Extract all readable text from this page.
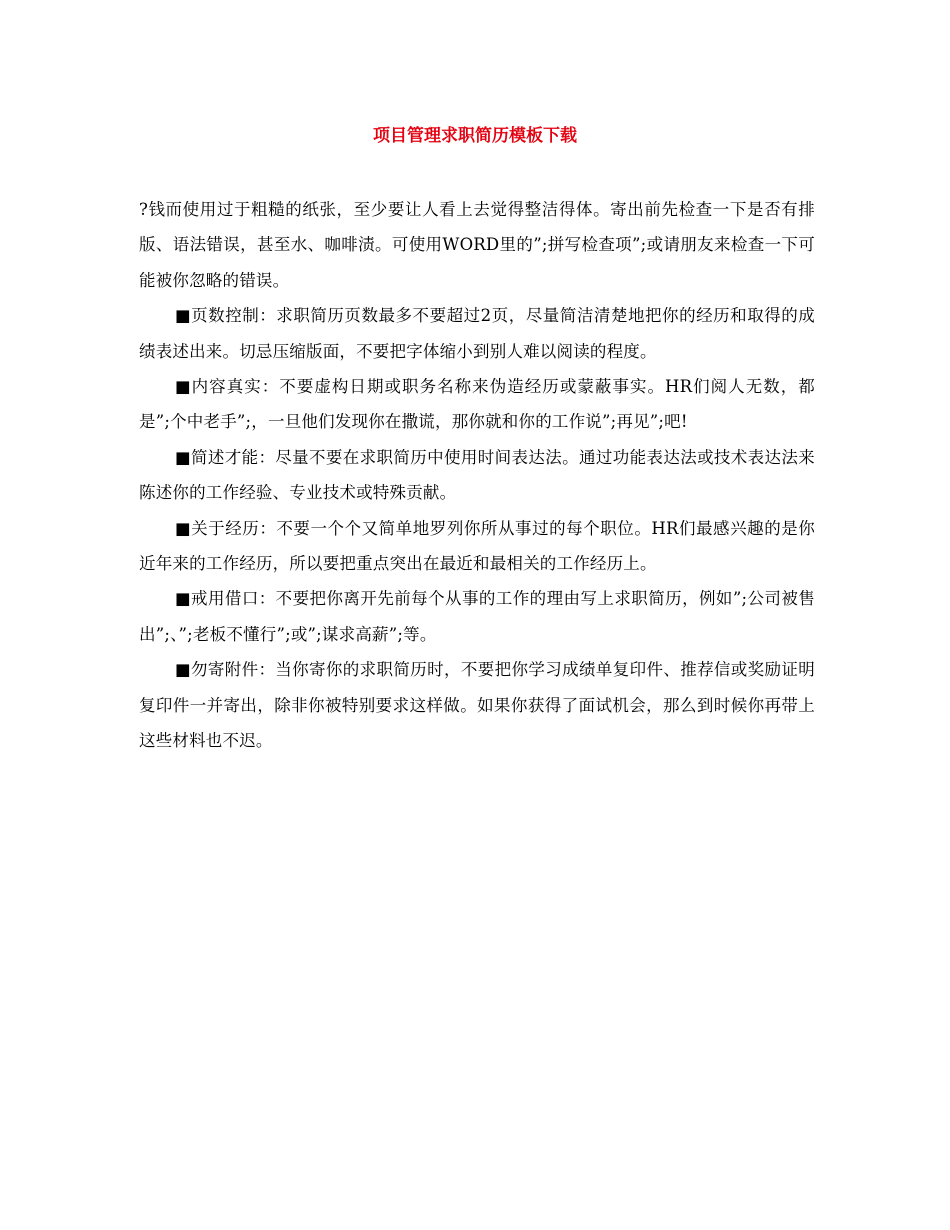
项目管理求职简历模板下载

?钱而使用过于粗糙的纸张，至少要让人看上去觉得整洁得体。寄出前先检查一下是否有排版、语法错误，甚至水、咖啡渍。可使用WORD里的”;拼写检查项”;或请朋友来检查一下可能被你忽略的错误。

■页数控制：求职简历页数最多不要超过2页，尽量简洁清楚地把你的经历和取得的成绩表述出来。切忌压缩版面，不要把字体缩小到别人难以阅读的程度。

■内容真实：不要虚构日期或职务名称来伪造经历或蒙蔽事实。HR们阅人无数，都是”;个中老手”;，一旦他们发现你在撒谎，那你就和你的工作说”;再见”;吧!

■简述才能：尽量不要在求职简历中使用时间表达法。通过功能表达法或技术表达法来陈述你的工作经验、专业技术或特殊贡献。

■关于经历：不要一个个又简单地罗列你所从事过的每个职位。HR们最感兴趣的是你近年来的工作经历，所以要把重点突出在最近和最相关的工作经历上。

■戒用借口：不要把你离开先前每个从事的工作的理由写上求职简历，例如”;公司被售出”;、”;老板不懂行”;或”;谋求高薪”;等。

■勿寄附件：当你寄你的求职简历时，不要把你学习成绩单复印件、推荐信或奖励证明复印件一并寄出，除非你被特别要求这样做。如果你获得了面试机会，那么到时候你再带上这些材料也不迟。
